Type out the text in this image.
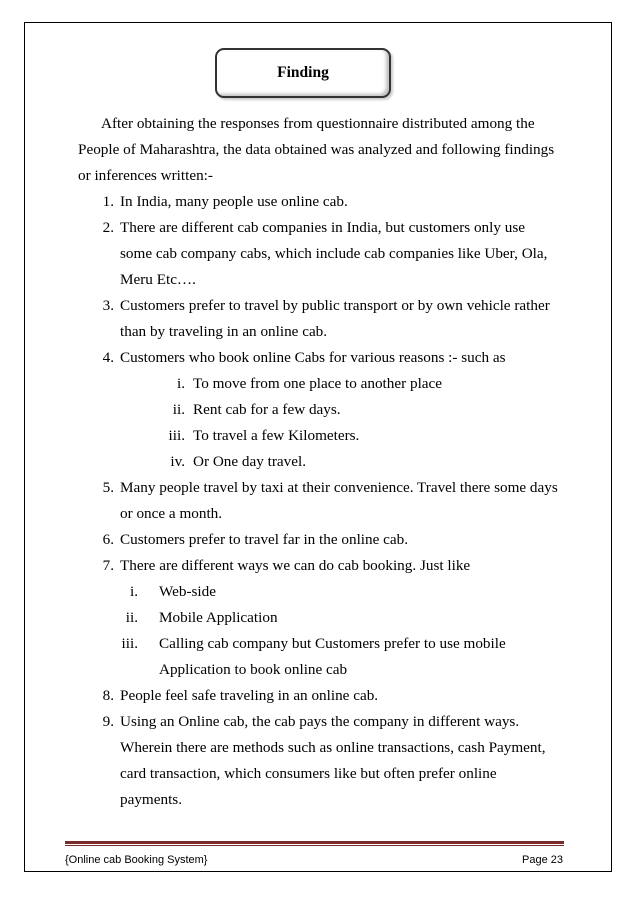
Finding
After obtaining the responses from questionnaire distributed among the
People of Maharashtra, the data obtained was analyzed and following findings
or inferences written:-
1. In India, many people use online cab.
2. There are different cab companies in India, but customers only use
some cab company cabs, which include cab companies like Uber, Ola,
Meru Etc….
3. Customers prefer to travel by public transport or by own vehicle rather
than by traveling in an online cab.
4. Customers who book online Cabs for various reasons :- such as
i. To move from one place to another place
ii. Rent cab for a few days.
iii. To travel a few Kilometers.
iv. Or One day travel.
5. Many people travel by taxi at their convenience. Travel there some days
or once a month.
6. Customers prefer to travel far in the online cab.
7. There are different ways we can do cab booking. Just like
i. Web-side
ii. Mobile Application
iii. Calling cab company but Customers prefer to use mobile
Application to book online cab
8. People feel safe traveling in an online cab.
9. Using an Online cab, the cab pays the company in different ways.
Wherein there are methods such as online transactions, cash Payment,
card transaction, which consumers like but often prefer online
payments.
{Online cab Booking System}	Page 23
